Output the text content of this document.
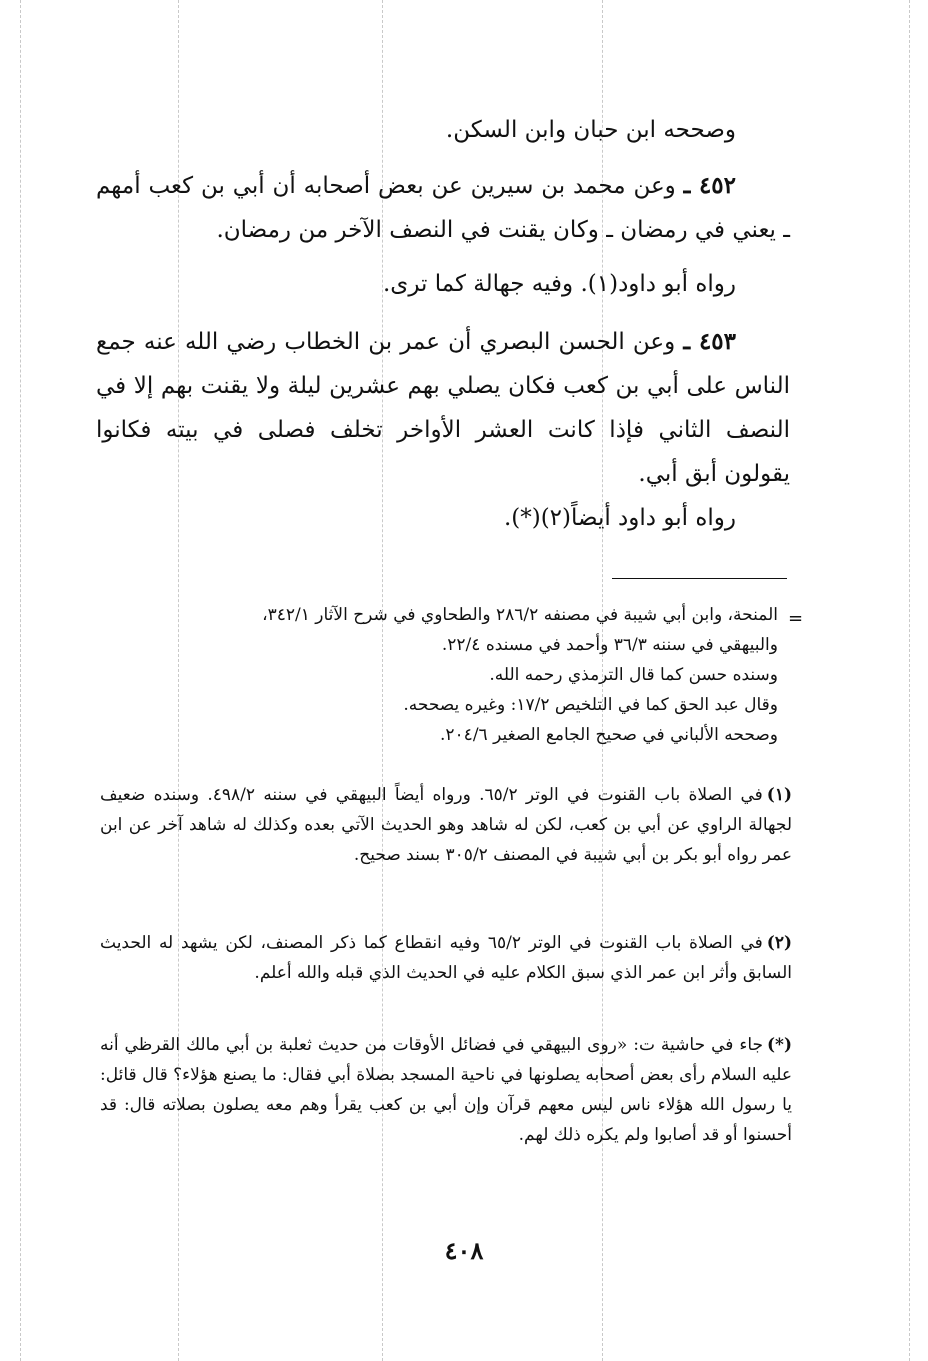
وصححه ابن حبان وابن السكن.
٤٥٢ ـ وعن محمد بن سيرين عن بعض أصحابه أن أبي بن كعب أمهم ـ يعني في رمضان ـ وكان يقنت في النصف الآخر من رمضان.
رواه أبو داود(١). وفيه جهالة كما ترى.
٤٥٣ ـ وعن الحسن البصري أن عمر بن الخطاب رضي الله عنه جمع الناس على أبي بن كعب فكان يصلي بهم عشرين ليلة ولا يقنت بهم إلا في النصف الثاني فإذا كانت العشر الأواخر تخلف فصلى في بيته فكانوا يقولون أبق أبي.
رواه أبو داود أيضاً(٢)(*).
=
المنحة، وابن أبي شيبة في مصنفه ٢٨٦/٢ والطحاوي في شرح الآثار ٣٤٢/١،
والبيهقي في سننه ٣٦/٣ وأحمد في مسنده ٢٢/٤.
وسنده حسن كما قال الترمذي رحمه الله.
وقال عبد الحق كما في التلخيص ١٧/٢: وغيره يصححه.
وصححه الألباني في صحيح الجامع الصغير ٢٠٤/٦.
(١)في الصلاة باب القنوت في الوتر ٦٥/٢. ورواه أيضاً البيهقي في سننه ٤٩٨/٢. وسنده ضعيف لجهالة الراوي عن أبي بن كعب، لكن له شاهد وهو الحديث الآتي بعده وكذلك له شاهد آخر عن ابن عمر رواه أبو بكر بن أبي شيبة في المصنف ٣٠٥/٢ بسند صحيح.
(٢)في الصلاة باب القنوت في الوتر ٦٥/٢ وفيه انقطاع كما ذكر المصنف، لكن يشهد له الحديث السابق وأثر ابن عمر الذي سبق الكلام عليه في الحديث الذي قبله والله أعلم.
(*)جاء في حاشية ت: «روى البيهقي في فضائل الأوقات من حديث ثعلبة بن أبي مالك القرظي أنه عليه السلام رأى بعض أصحابه يصلونها في ناحية المسجد بصلاة أبي فقال: ما يصنع هؤلاء؟ قال قائل: يا رسول الله هؤلاء ناس ليس معهم قرآن وإن أبي بن كعب يقرأ وهم معه يصلون بصلاته قال: قد أحسنوا أو قد أصابوا ولم يكره ذلك لهم.
٤٠٨
